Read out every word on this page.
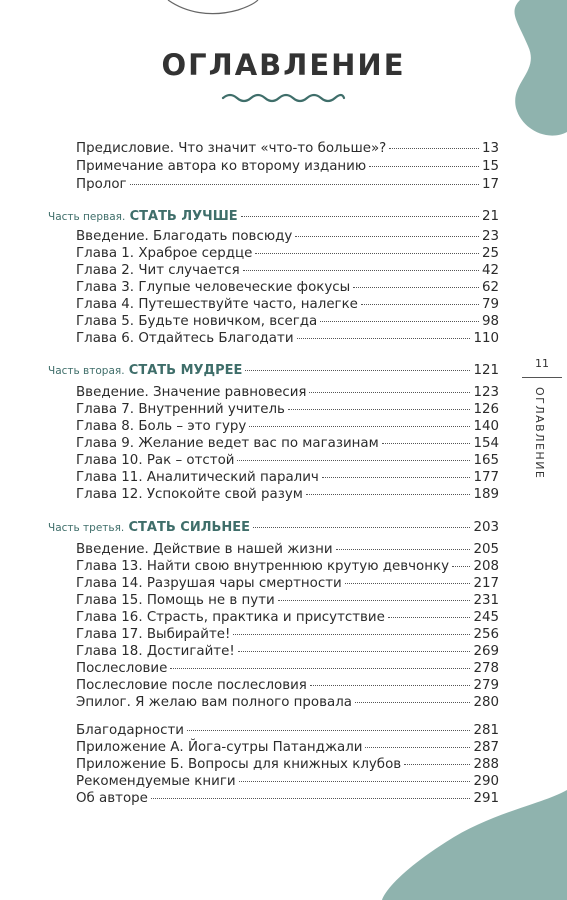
ОГЛАВЛЕНИЕ
Предисловие. Что значит «что-то больше»?	13
Примечание автора ко второму изданию	15
Пролог	17
Часть первая. СТАТЬ ЛУЧШЕ	21
Введение. Благодать повсюду	23
Глава 1. Храброе сердце	25
Глава 2. Чит случается	42
Глава 3. Глупые человеческие фокусы	62
Глава 4. Путешествуйте часто, налегке	79
Глава 5. Будьте новичком, всегда	98
Глава 6. Отдайтесь Благодати	110
Часть вторая. СТАТЬ МУДРЕЕ	121
Введение. Значение равновесия	123
Глава 7. Внутренний учитель	126
Глава 8. Боль – это гуру	140
Глава 9. Желание ведет вас по магазинам	154
Глава 10. Рак – отстой	165
Глава 11. Аналитический паралич	177
Глава 12. Успокойте свой разум	189
Часть третья. СТАТЬ СИЛЬНЕЕ	203
Введение. Действие в нашей жизни	205
Глава 13. Найти свою внутреннюю крутую девчонку 208
Глава 14. Разрушая чары смертности	217
Глава 15. Помощь не в пути	231
Глава 16. Страсть, практика и присутствие	245
Глава 17. Выбирайте!	256
Глава 18. Достигайте!	269
Послесловие	278
Послесловие после послесловия	279
Эпилог. Я желаю вам полного провала	280
Благодарности	281
Приложение А. Йога-сутры Патанджали	287
Приложение Б. Вопросы для книжных клубов	288
Рекомендуемые книги	290
Об авторе	291
11
ОГЛАВЛЕНИЕ
